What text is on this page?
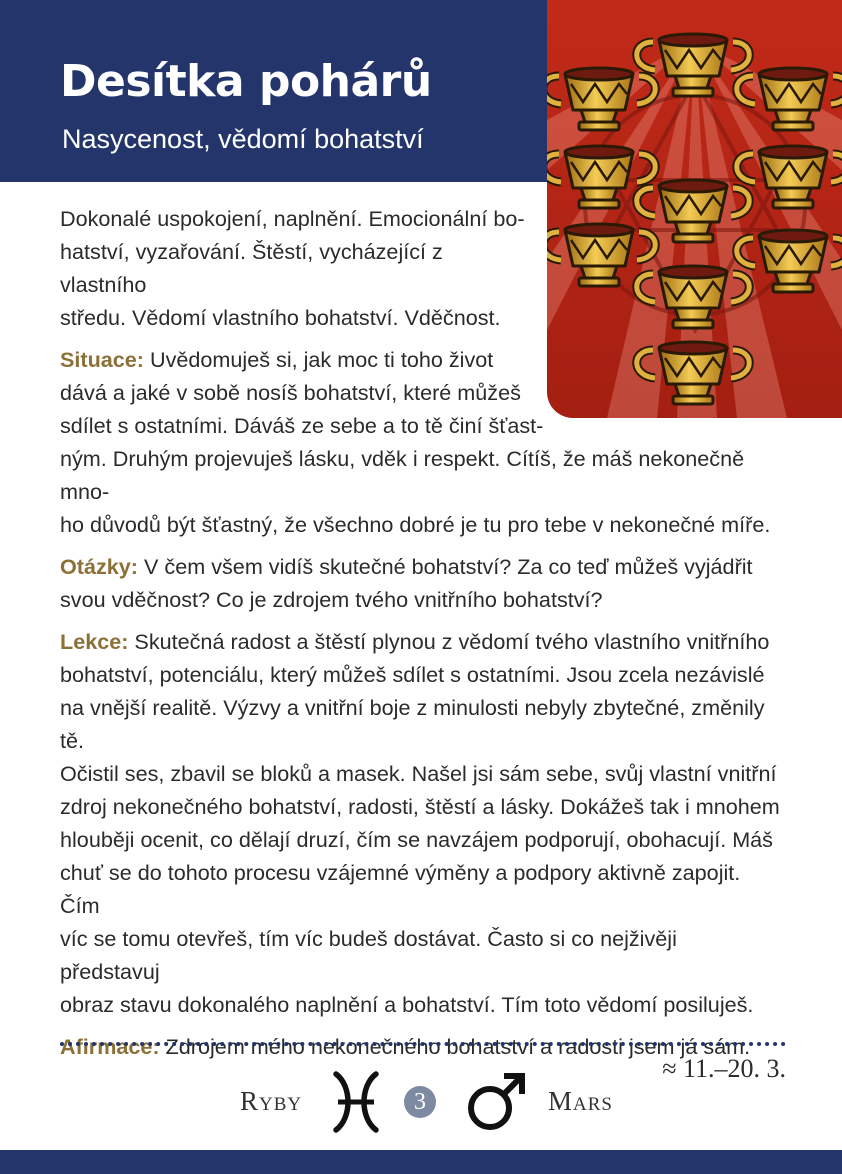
Desítka pohárů
Nasycenost, vědomí bohatství

Dokonalé uspokojení, naplnění. Emocionální bo-
hatství, vyzařování. Štěstí, vycházející z vlastního
středu. Vědomí vlastního bohatství. Vděčnost.

Situace: Uvědomuješ si, jak moc ti toho život
dává a jaké v sobě nosíš bohatství, které můžeš
sdílet s ostatními. Dáváš ze sebe a to tě činí šťast-
ným. Druhým projevuješ lásku, vděk i respekt. Cítíš, že máš nekonečně mno-
ho důvodů být šťastný, že všechno dobré je tu pro tebe v nekonečné míře.

Otázky: V čem všem vidíš skutečné bohatství? Za co teď můžeš vyjádřit
svou vděčnost? Co je zdrojem tvého vnitřního bohatství?

Lekce: Skutečná radost a štěstí plynou z vědomí tvého vlastního vnitřního
bohatství, potenciálu, který můžeš sdílet s ostatními. Jsou zcela nezávislé
na vnější realitě. Výzvy a vnitřní boje z minulosti nebyly zbytečné, změnily tě.
Očistil ses, zbavil se bloků a masek. Našel jsi sám sebe, svůj vlastní vnitřní
zdroj nekonečného bohatství, radosti, štěstí a lásky. Dokážeš tak i mnohem
hlouběji ocenit, co dělají druzí, čím se navzájem podporují, obohacují. Máš
chuť se do tohoto procesu vzájemné výměny a podpory aktivně zapojit. Čím
víc se tomu otevřeš, tím víc budeš dostávat. Často si co nejživěji představuj
obraz stavu dokonalého naplnění a bohatství. Tím toto vědomí posiluješ.

Afirmace: Zdrojem mého nekonečného bohatství a radosti jsem já sám.

≈ 11.–20. 3.
Ryby	3	Mars
